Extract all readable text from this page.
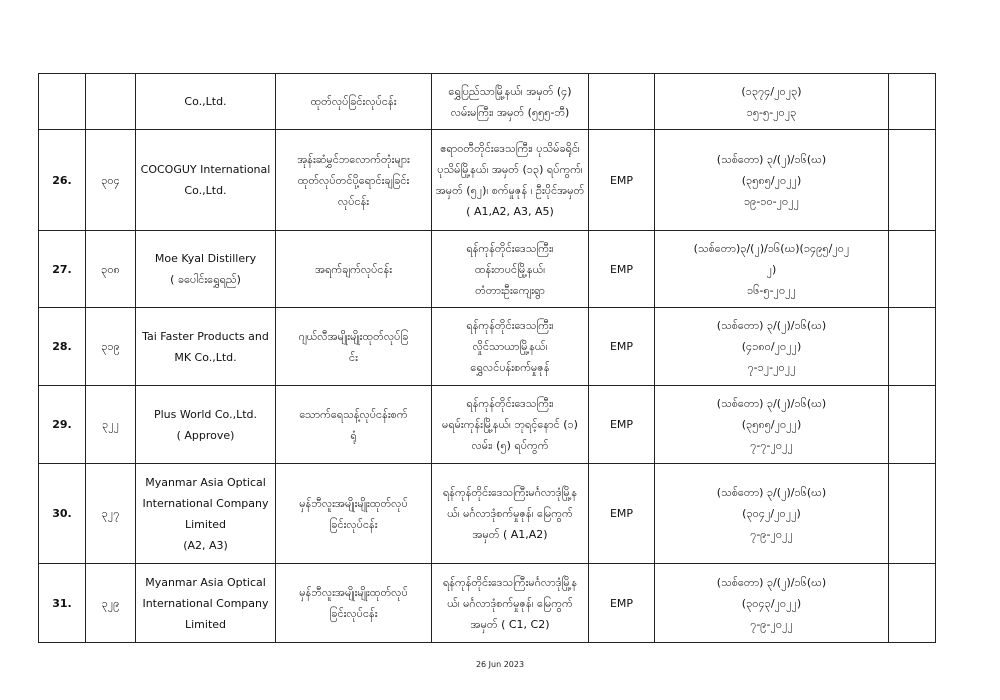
		Co.,Ltd.	ထုတ်လုပ်ခြင်းလုပ်ငန်း	ရွှေပြည်သာမြို့နယ်၊ အမှတ် (၄)
လမ်းမကြီး၊ အမှတ် (၅၅၅-ဘီ)		(၁၃၇၄/၂၀၂၃)
၁၅-၅-၂၀၂၃	

26.	၃၀၄	COCOGUY International
Co.,Ltd.	အုန်းဆံမွှင်ဘလောက်တုံးများ
ထုတ်လုပ်တင်ပို့ရောင်းချခြင်း
လုပ်ငန်း	ဧရာဝတီတိုင်းဒေသကြီး၊ ပုသိမ်ခရိုင်၊
ပုသိမ်မြို့နယ်၊ အမှတ် (၁၃) ရပ်ကွက်၊
အမှတ် (၅၂)၊ စက်မှုဇုန် ၊ ဦးပိုင်အမှတ်
( A1,A2, A3, A5)	EMP	(သစ်တော) ၃/(၂)/၁၆(ဃ)
(၃၅၈၅/၂၀၂၂)
၁၉-၁၀-၂၀၂၂	

27.	၃၀၈	Moe Kyal Distillery
( ခပေါင်းရွှေရည်)	အရက်ချက်လုပ်ငန်း	ရန်ကုန်တိုင်းဒေသကြီး၊
ထန်းတပင်မြို့နယ်၊
တံတားဦးကျေးရွာ	EMP	(သစ်တော)၃/(၂)/၁၆(ဃ)(၁၄၉၅/၂၀၂
၂)
၁၆-၅-၂၀၂၂	

28.	၃၁၉	Tai Faster Products and
MK Co.,Ltd.	ဂျယ်လီအမျိုးမျိုးထုတ်လုပ်ခြ
င်း	ရန်ကုန်တိုင်းဒေသကြီး၊
လှိုင်သာယာမြို့နယ်၊
ရွှေလင်ပန်းစက်မှုဇုန်	EMP	(သစ်တော) ၃/(၂)/၁၆(ဃ)
(၄၁၈၀/၂၀၂၂)
၇-၁၂-၂၀၂၂	

29.	၃၂၂	Plus World Co.,Ltd.
( Approve)	သောက်ရေသန့်လုပ်ငန်းစက်
ရုံ	ရန်ကုန်တိုင်းဒေသကြီး၊
မရမ်းကုန်းမြို့နယ်၊ ဘုရင့်နောင် (၁)
လမ်း၊ (၅) ရပ်ကွက်	EMP	(သစ်တော) ၃/(၂)/၁၆(ဃ)
(၃၅၈၅/၂၀၂၂)
၇-၇-၂၀၂၂	

30.	၃၂၇	Myanmar Asia Optical
International Company
Limited
(A2, A3)	မှန်ဘီလူးအမျိုးမျိုးထုတ်လုပ်
ခြင်းလုပ်ငန်း	ရန်ကုန်တိုင်းဒေသကြီးမင်္ဂလာဒုံမြို့န
ယ်၊ မင်္ဂလာဒုံစက်မှုဇုန်၊ မြေကွက်
အမှတ် ( A1,A2)	EMP	(သစ်တော) ၃/(၂)/၁၆(ဃ)
(၃၀၄၂/၂၀၂၂)
၇-၉-၂၀၂၂	

31.	၃၂၉	Myanmar Asia Optical
International Company
Limited	မှန်ဘီလူးအမျိုးမျိုးထုတ်လုပ်
ခြင်းလုပ်ငန်း	ရန်ကုန်တိုင်းဒေသကြီးမင်္ဂလာဒုံမြို့န
ယ်၊ မင်္ဂလာဒုံစက်မှုဇုန်၊ မြေကွက်
အမှတ် ( C1, C2)	EMP	(သစ်တော) ၃/(၂)/၁၆(ဃ)
(၃၀၄၃/၂၀၂၂)
၇-၉-၂၀၂၂	

26 Jun 2023
